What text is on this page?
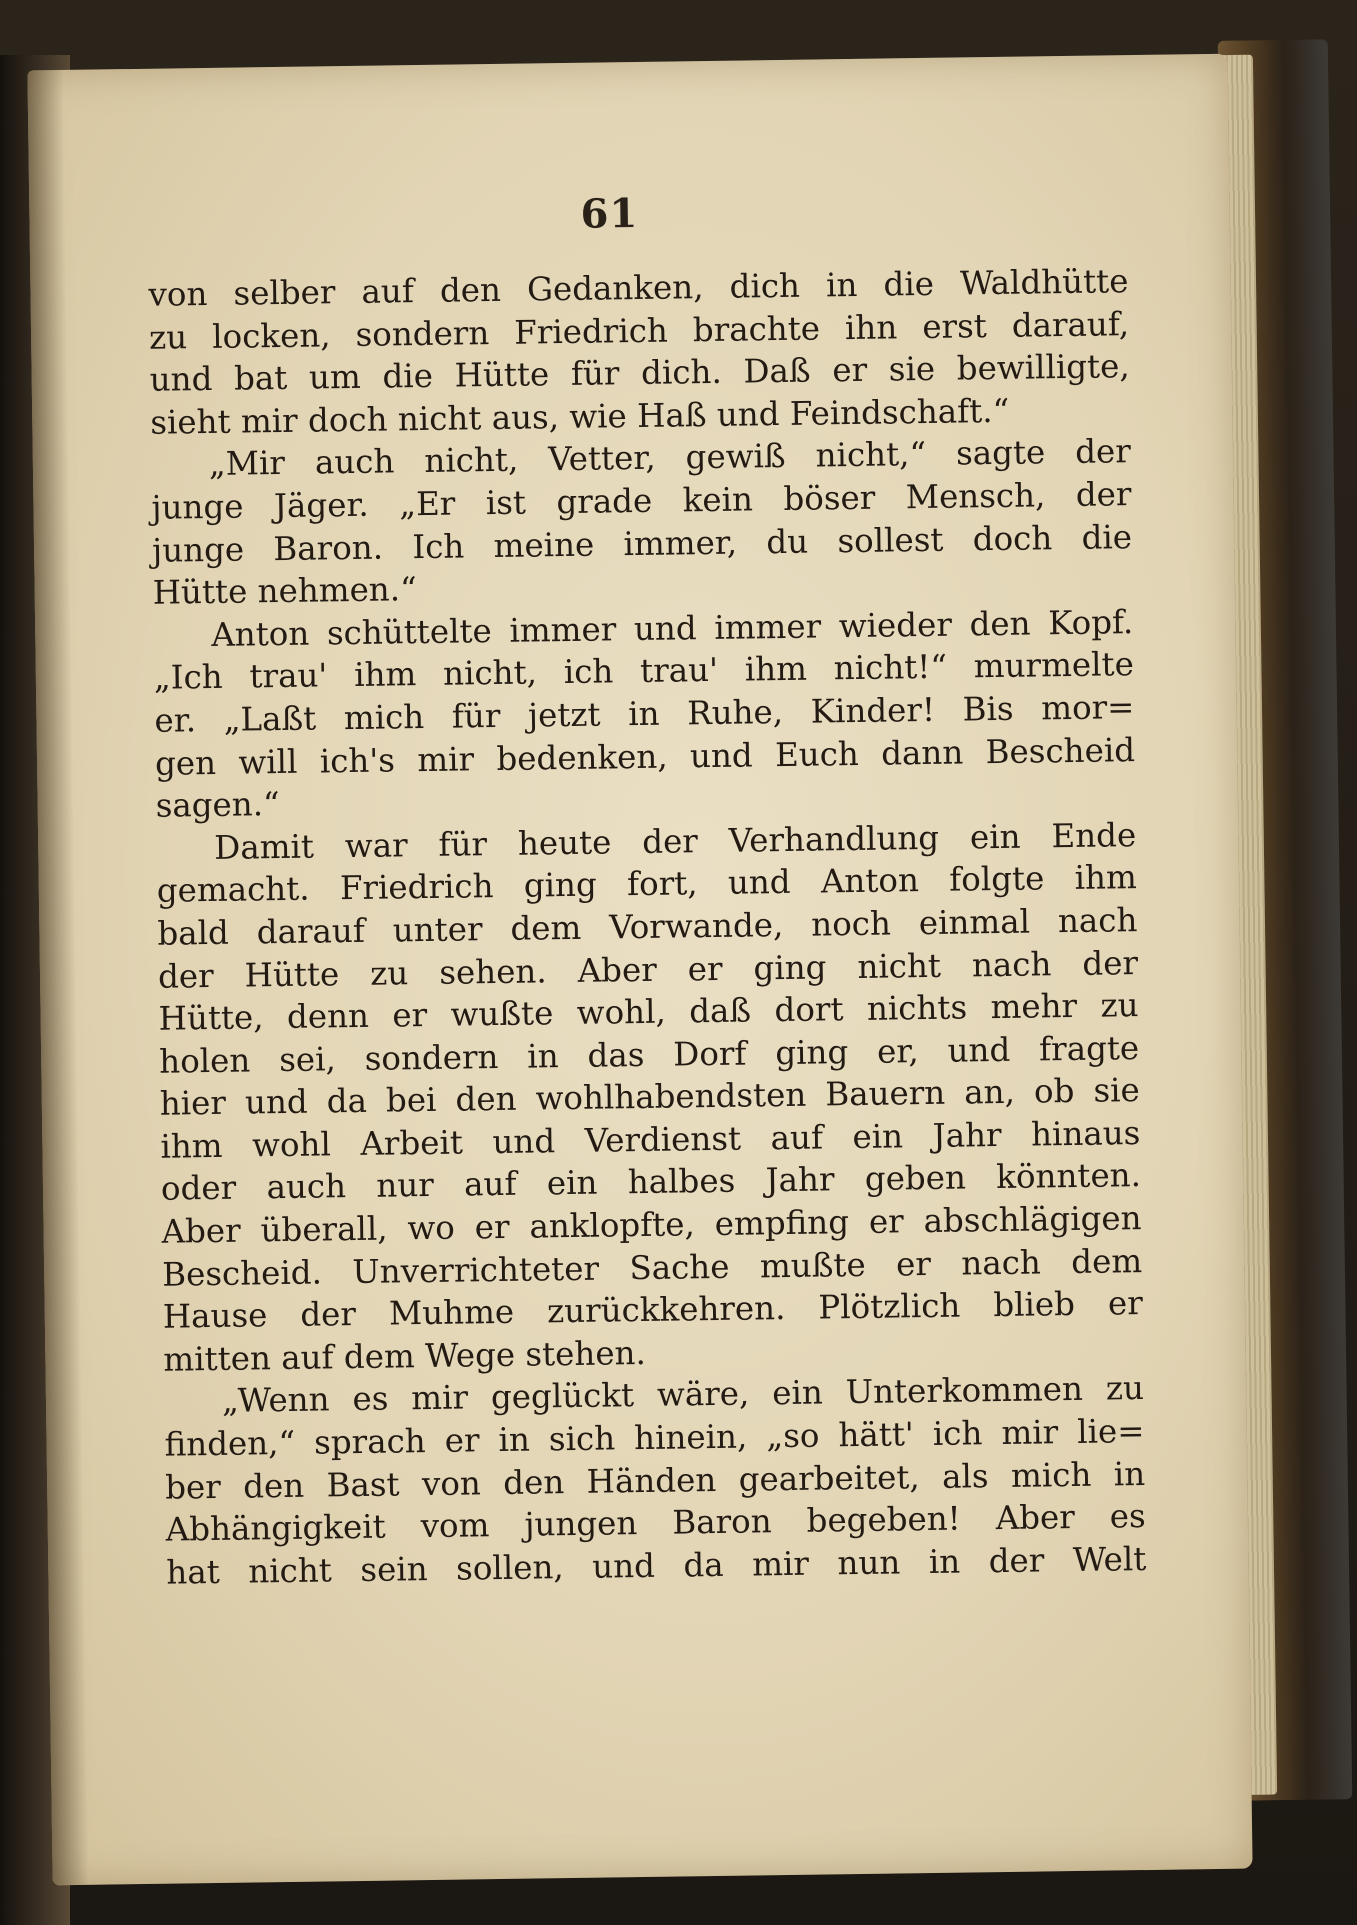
61
von selber auf den Gedanken, dich in die Waldhütte
zu locken, sondern Friedrich brachte ihn erst darauf,
und bat um die Hütte für dich. Daß er sie bewilligte,
sieht mir doch nicht aus, wie Haß und Feindschaft.“
„Mir auch nicht, Vetter, gewiß nicht,“ sagte der
junge Jäger. „Er ist grade kein böser Mensch, der
junge Baron. Ich meine immer, du sollest doch die
Hütte nehmen.“
Anton schüttelte immer und immer wieder den Kopf.
„Ich trau' ihm nicht, ich trau' ihm nicht!“ murmelte
er. „Laßt mich für jetzt in Ruhe, Kinder! Bis mor=
gen will ich's mir bedenken, und Euch dann Bescheid
sagen.“
Damit war für heute der Verhandlung ein Ende
gemacht. Friedrich ging fort, und Anton folgte ihm
bald darauf unter dem Vorwande, noch einmal nach
der Hütte zu sehen. Aber er ging nicht nach der
Hütte, denn er wußte wohl, daß dort nichts mehr zu
holen sei, sondern in das Dorf ging er, und fragte
hier und da bei den wohlhabendsten Bauern an, ob sie
ihm wohl Arbeit und Verdienst auf ein Jahr hinaus
oder auch nur auf ein halbes Jahr geben könnten.
Aber überall, wo er anklopfte, empfing er abschlägigen
Bescheid. Unverrichteter Sache mußte er nach dem
Hause der Muhme zurückkehren. Plötzlich blieb er
mitten auf dem Wege stehen.
„Wenn es mir geglückt wäre, ein Unterkommen zu
finden,“ sprach er in sich hinein, „so hätt' ich mir lie=
ber den Bast von den Händen gearbeitet, als mich in
Abhängigkeit vom jungen Baron begeben! Aber es
hat nicht sein sollen, und da mir nun in der Welt
